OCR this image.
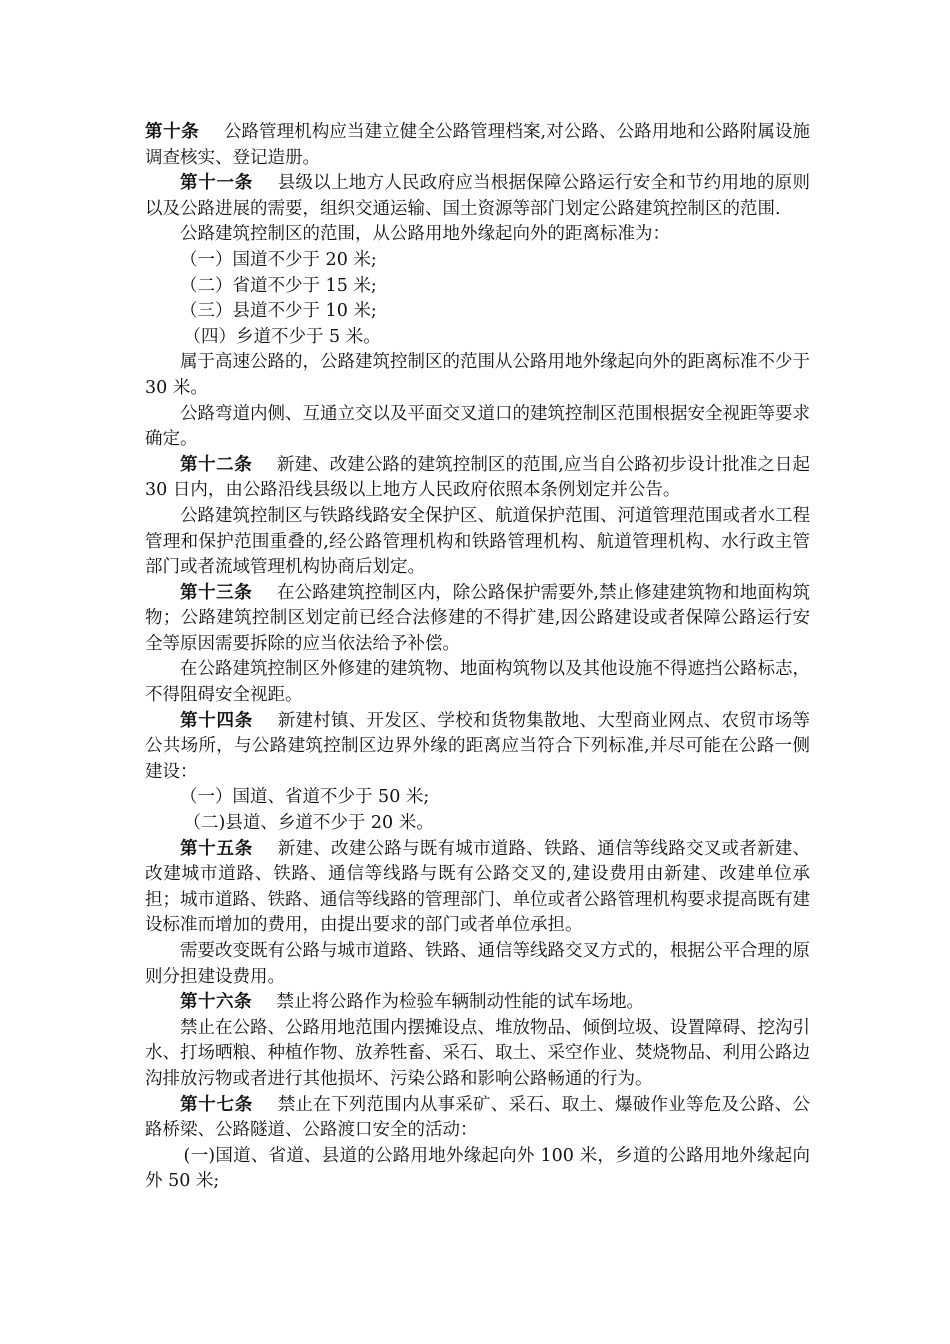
第十条 公路管理机构应当建立健全公路管理档案,对公路、公路用地和公路附属设施调查核实、登记造册。

第十一条 县级以上地方人民政府应当根据保障公路运行安全和节约用地的原则以及公路进展的需要，组织交通运输、国土资源等部门划定公路建筑控制区的范围.

公路建筑控制区的范围，从公路用地外缘起向外的距离标准为：

（一）国道不少于 20 米;

（二）省道不少于 15 米;

（三）县道不少于 10 米;

（四）乡道不少于 5 米。

属于高速公路的，公路建筑控制区的范围从公路用地外缘起向外的距离标准不少于 30 米。

公路弯道内侧、互通立交以及平面交叉道口的建筑控制区范围根据安全视距等要求确定。

第十二条 新建、改建公路的建筑控制区的范围,应当自公路初步设计批准之日起 30 日内，由公路沿线县级以上地方人民政府依照本条例划定并公告。

公路建筑控制区与铁路线路安全保护区、航道保护范围、河道管理范围或者水工程管理和保护范围重叠的,经公路管理机构和铁路管理机构、航道管理机构、水行政主管部门或者流域管理机构协商后划定。

第十三条 在公路建筑控制区内，除公路保护需要外,禁止修建建筑物和地面构筑物；公路建筑控制区划定前已经合法修建的不得扩建,因公路建设或者保障公路运行安全等原因需要拆除的应当依法给予补偿。

在公路建筑控制区外修建的建筑物、地面构筑物以及其他设施不得遮挡公路标志，不得阻碍安全视距。

第十四条 新建村镇、开发区、学校和货物集散地、大型商业网点、农贸市场等公共场所，与公路建筑控制区边界外缘的距离应当符合下列标准,并尽可能在公路一侧建设：

（一）国道、省道不少于 50 米;

（二)县道、乡道不少于 20 米。

第十五条 新建、改建公路与既有城市道路、铁路、通信等线路交叉或者新建、改建城市道路、铁路、通信等线路与既有公路交叉的,建设费用由新建、改建单位承担；城市道路、铁路、通信等线路的管理部门、单位或者公路管理机构要求提高既有建设标准而增加的费用，由提出要求的部门或者单位承担。

需要改变既有公路与城市道路、铁路、通信等线路交叉方式的，根据公平合理的原则分担建设费用。

第十六条 禁止将公路作为检验车辆制动性能的试车场地。

禁止在公路、公路用地范围内摆摊设点、堆放物品、倾倒垃圾、设置障碍、挖沟引水、打场晒粮、种植作物、放养牲畜、采石、取土、采空作业、焚烧物品、利用公路边沟排放污物或者进行其他损坏、污染公路和影响公路畅通的行为。

第十七条 禁止在下列范围内从事采矿、采石、取土、爆破作业等危及公路、公路桥梁、公路隧道、公路渡口安全的活动：

(一)国道、省道、县道的公路用地外缘起向外 100 米，乡道的公路用地外缘起向外 50 米;
